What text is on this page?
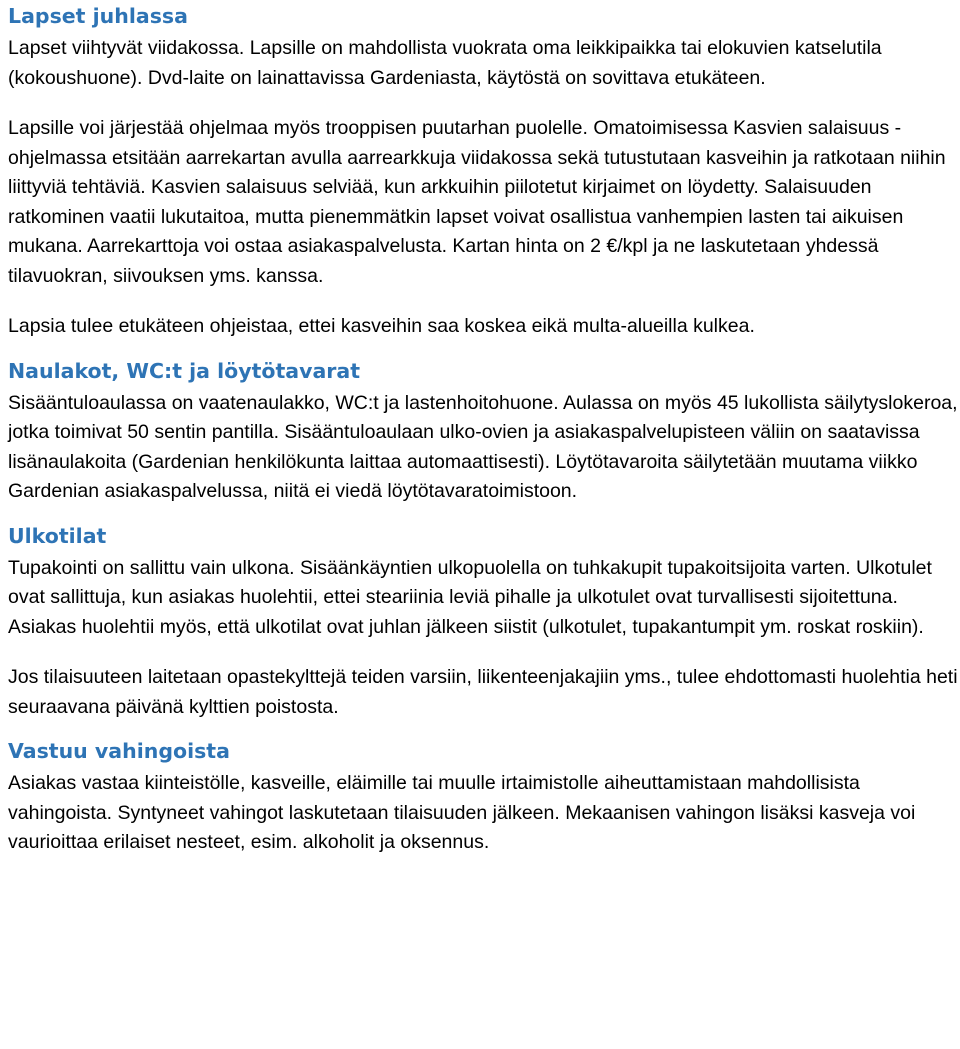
Lapset juhlassa

Lapset viihtyvät viidakossa. Lapsille on mahdollista vuokrata oma leikkipaikka tai elokuvien katselutila (kokoushuone). Dvd-laite on lainattavissa Gardeniasta, käytöstä on sovittava etukäteen.

Lapsille voi järjestää ohjelmaa myös trooppisen puutarhan puolelle. Omatoimisessa Kasvien salaisuus -ohjelmassa etsitään aarrekartan avulla aarrearkkuja viidakossa sekä tutustutaan kasveihin ja ratkotaan niihin liittyviä tehtäviä. Kasvien salaisuus selviää, kun arkkuihin piilotetut kirjaimet on löydetty. Salaisuuden ratkominen vaatii lukutaitoa, mutta pienemmätkin lapset voivat osallistua vanhempien lasten tai aikuisen mukana. Aarrekarttoja voi ostaa asiakaspalvelusta. Kartan hinta on 2 €/kpl ja ne laskutetaan yhdessä tilavuokran, siivouksen yms. kanssa.

Lapsia tulee etukäteen ohjeistaa, ettei kasveihin saa koskea eikä multa-alueilla kulkea.

Naulakot, WC:t ja löytötavarat

Sisääntuloaulassa on vaatenaulakko, WC:t ja lastenhoitohuone. Aulassa on myös 45 lukollista säilytyslokeroa, jotka toimivat 50 sentin pantilla. Sisääntuloaulaan ulko-ovien ja asiakaspalvelupisteen väliin on saatavissa lisänaulakoita (Gardenian henkilökunta laittaa automaattisesti). Löytötavaroita säilytetään muutama viikko Gardenian asiakaspalvelussa, niitä ei viedä löytötavaratoimistoon.

Ulkotilat

Tupakointi on sallittu vain ulkona. Sisäänkäyntien ulkopuolella on tuhkakupit tupakoitsijoita varten. Ulkotulet ovat sallittuja, kun asiakas huolehtii, ettei steariinia leviä pihalle ja ulkotulet ovat turvallisesti sijoitettuna. Asiakas huolehtii myös, että ulkotilat ovat juhlan jälkeen siistit (ulkotulet, tupakantumpit ym. roskat roskiin).

Jos tilaisuuteen laitetaan opastekylttejä teiden varsiin, liikenteenjakajiin yms., tulee ehdottomasti huolehtia heti seuraavana päivänä kylttien poistosta.

Vastuu vahingoista

Asiakas vastaa kiinteistölle, kasveille, eläimille tai muulle irtaimistolle aiheuttamistaan mahdollisista vahingoista. Syntyneet vahingot laskutetaan tilaisuuden jälkeen. Mekaanisen vahingon lisäksi kasveja voi vaurioittaa erilaiset nesteet, esim. alkoholit ja oksennus.
